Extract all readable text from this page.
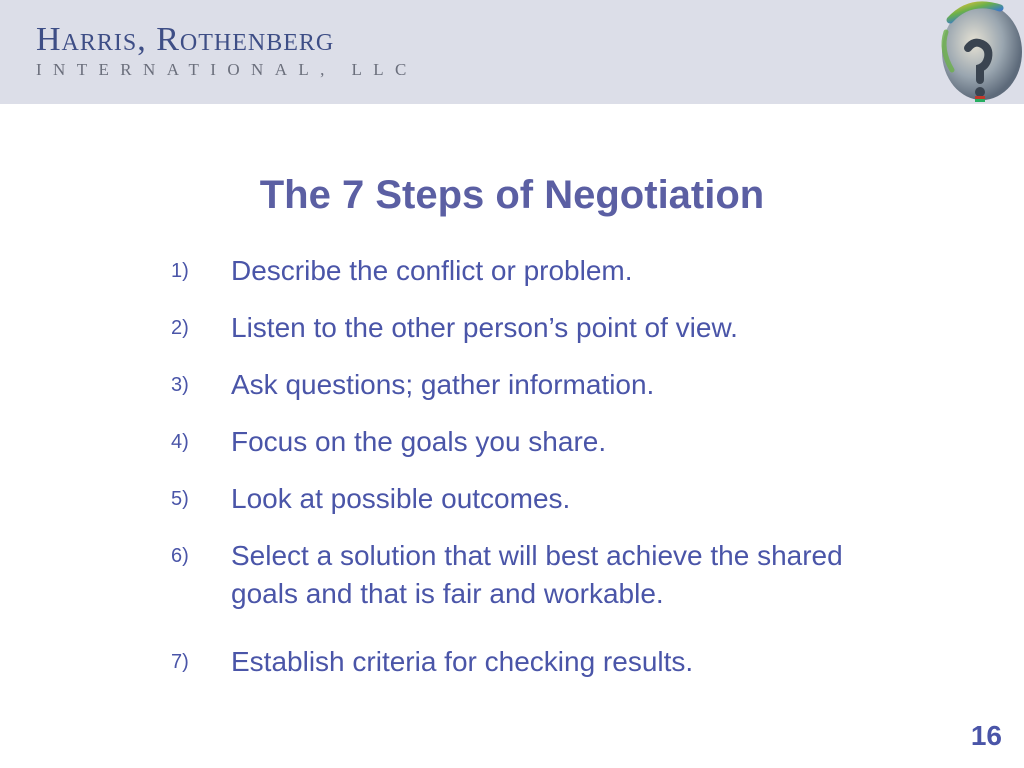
Harris, Rothenberg
INTERNATIONAL, LLC
The 7 Steps of Negotiation
1)	Describe the conflict or problem.
2)	Listen to the other person’s point of view.
3)	Ask questions; gather information.
4)	Focus on the goals you share.
5)	Look at possible outcomes.
6)	Select a solution that will best achieve the shared goals and that is fair and workable.
7)	Establish criteria for checking results.
16
